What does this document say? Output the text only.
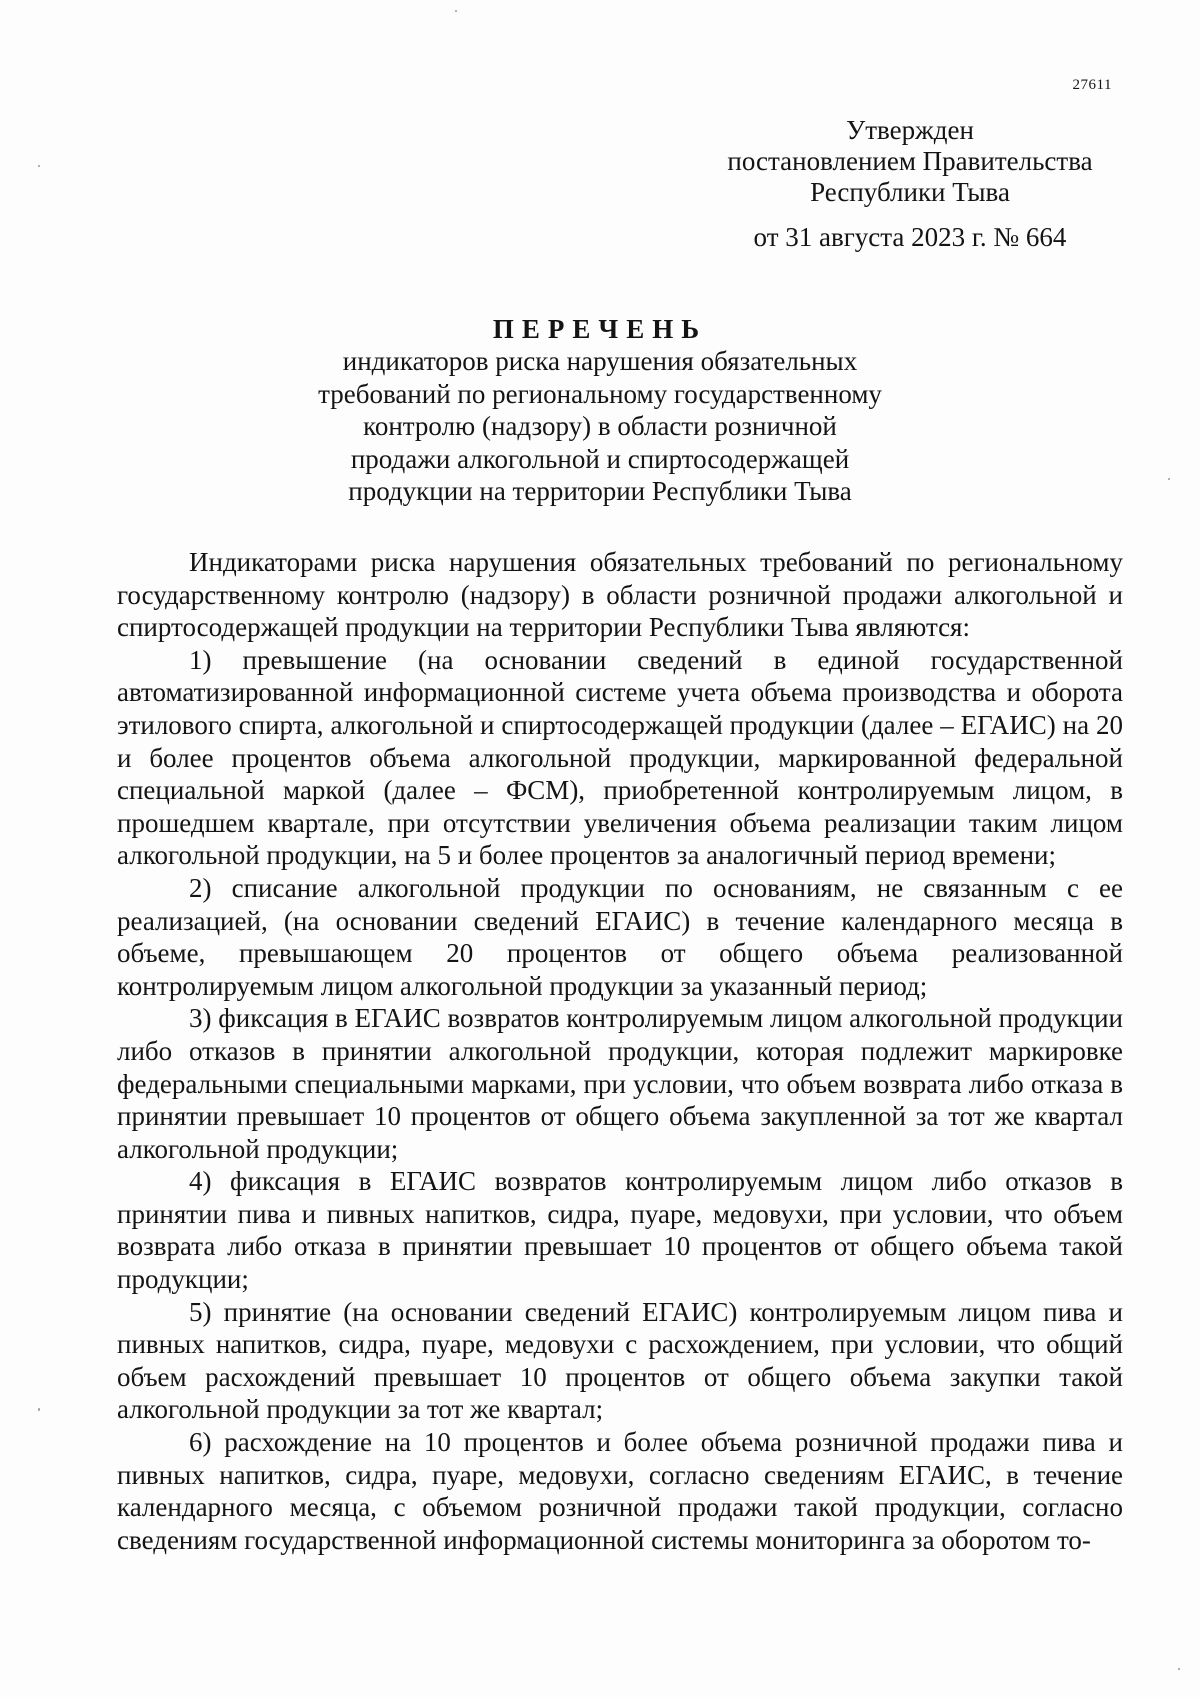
27611
Утвержден
постановлением Правительства
Республики Тыва
от 31 августа 2023 г. № 664
ПЕРЕЧЕНЬ
индикаторов риска нарушения обязательных
требований по региональному государственному
контролю (надзору) в области розничной
продажи алкогольной и спиртосодержащей
продукции на территории Республики Тыва

Индикаторами риска нарушения обязательных требований по региональному государственному контролю (надзору) в области розничной продажи алкогольной и спиртосодержащей продукции на территории Республики Тыва являются:

1) превышение (на основании сведений в единой государственной автоматизированной информационной системе учета объема производства и оборота этилового спирта, алкогольной и спиртосодержащей продукции (далее – ЕГАИС) на 20 и более процентов объема алкогольной продукции, маркированной федеральной специальной маркой (далее – ФСМ), приобретенной контролируемым лицом, в прошедшем квартале, при отсутствии увеличения объема реализации таким лицом алкогольной продукции, на 5 и более процентов за аналогичный период времени;

2) списание алкогольной продукции по основаниям, не связанным с ее реализацией, (на основании сведений ЕГАИС) в течение календарного месяца в объеме, превышающем 20 процентов от общего объема реализованной контролируемым лицом алкогольной продукции за указанный период;

3) фиксация в ЕГАИС возвратов контролируемым лицом алкогольной продукции либо отказов в принятии алкогольной продукции, которая подлежит маркировке федеральными специальными марками, при условии, что объем возврата либо отказа в принятии превышает 10 процентов от общего объема закупленной за тот же квартал алкогольной продукции;

4) фиксация в ЕГАИС возвратов контролируемым лицом либо отказов в принятии пива и пивных напитков, сидра, пуаре, медовухи, при условии, что объем возврата либо отказа в принятии превышает 10 процентов от общего объема такой продукции;

5) принятие (на основании сведений ЕГАИС) контролируемым лицом пива и пивных напитков, сидра, пуаре, медовухи с расхождением, при условии, что общий объем расхождений превышает 10 процентов от общего объема закупки такой алкогольной продукции за тот же квартал;

6) расхождение на 10 процентов и более объема розничной продажи пива и пивных напитков, сидра, пуаре, медовухи, согласно сведениям ЕГАИС, в течение календарного месяца, с объемом розничной продажи такой продукции, согласно сведениям государственной информационной системы мониторинга за оборотом то-
